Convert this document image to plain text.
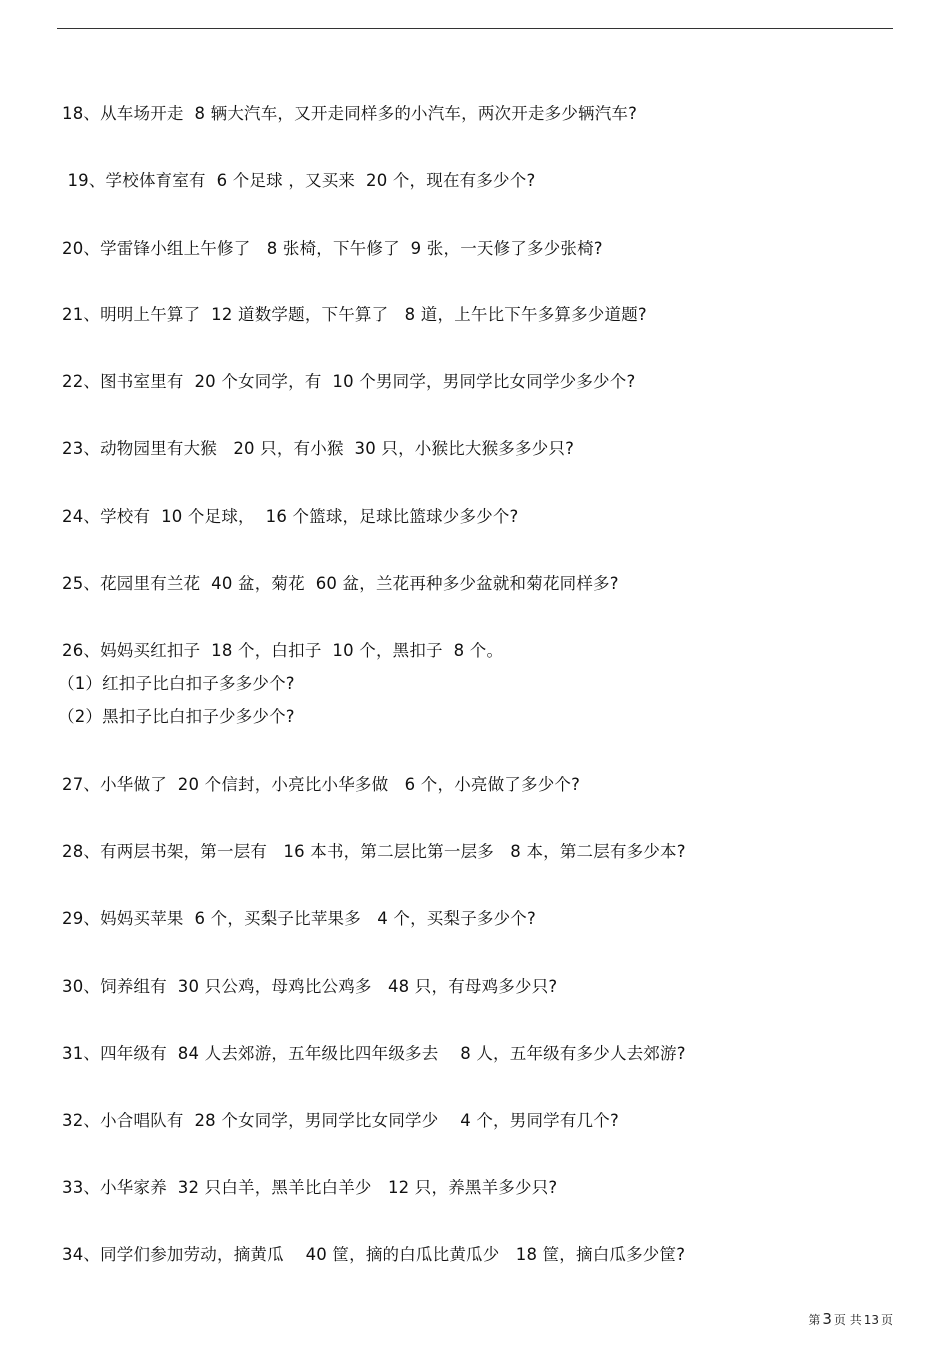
18、从车场开走  8 辆大汽车，又开走同样多的小汽车，两次开走多少辆汽车?
19、学校体育室有  6 个足球 ，又买来  20 个，现在有多少个?
20、学雷锋小组上午修了   8 张椅，下午修了  9 张，一天修了多少张椅?
21、明明上午算了  12 道数学题，下午算了   8 道，上午比下午多算多少道题?
22、图书室里有  20 个女同学，有  10 个男同学，男同学比女同学少多少个?
23、动物园里有大猴   20 只，有小猴  30 只，小猴比大猴多多少只?
24、学校有  10 个足球，  16 个篮球，足球比篮球少多少个?
25、花园里有兰花  40 盆，菊花  60 盆，兰花再种多少盆就和菊花同样多?
26、妈妈买红扣子  18 个，白扣子  10 个，黑扣子  8 个。
（1）红扣子比白扣子多多少个?
（2）黑扣子比白扣子少多少个?
27、小华做了  20 个信封，小亮比小华多做   6 个，小亮做了多少个?
28、有两层书架，第一层有   16 本书，第二层比第一层多   8 本，第二层有多少本?
29、妈妈买苹果  6 个，买梨子比苹果多   4 个，买梨子多少个?
30、饲养组有  30 只公鸡，母鸡比公鸡多   48 只，有母鸡多少只?
31、四年级有  84 人去郊游，五年级比四年级多去    8 人，五年级有多少人去郊游?
32、小合唱队有  28 个女同学，男同学比女同学少    4 个，男同学有几个?
33、小华家养  32 只白羊，黑羊比白羊少   12 只，养黑羊多少只?
34、同学们参加劳动，摘黄瓜    40 筐，摘的白瓜比黄瓜少   18 筐，摘白瓜多少筐?
第 3 页 共 13 页
